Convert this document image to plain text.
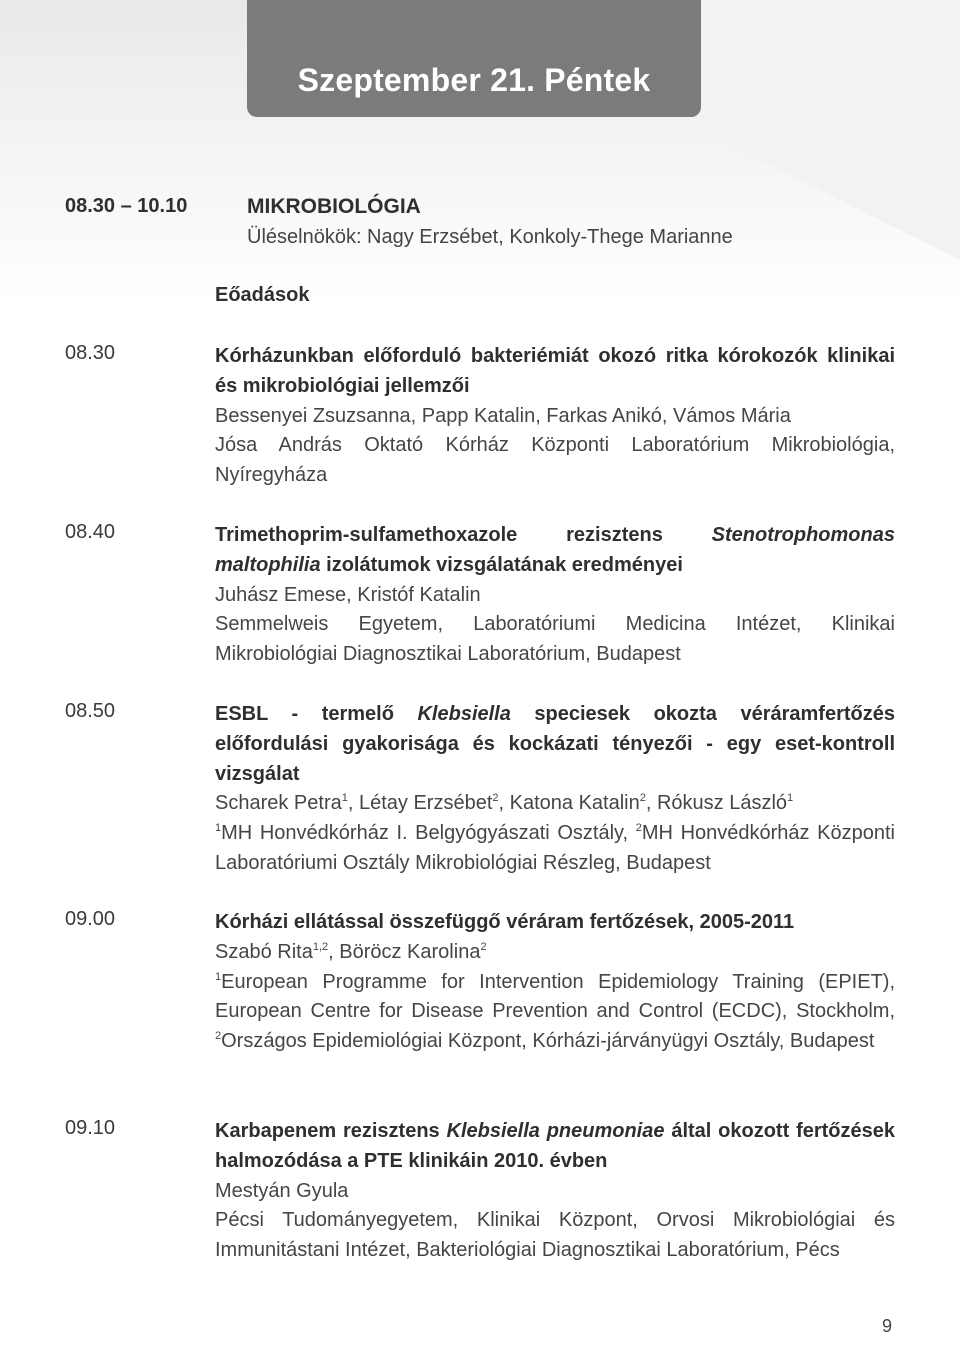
Szeptember 21. Péntek
08.30 – 10.10	MIKROBIOLÓGIA
Üléselnökök: Nagy Erzsébet, Konkoly-Thege Marianne
Eőadások
08.30	Kórházunkban előforduló bakteriémiát okozó ritka kórokozók klinikai és mikrobiológiai jellemzői
Bessenyei Zsuzsanna, Papp Katalin, Farkas Anikó, Vámos Mária
Jósa András Oktató Kórház Központi Laboratórium Mikrobiológia, Nyíregyháza
08.40	Trimethoprim-sulfamethoxazole rezisztens Stenotrophomonas maltophilia izolátumok vizsgálatának eredményei
Juhász Emese, Kristóf Katalin
Semmelweis Egyetem, Laboratóriumi Medicina Intézet, Klinikai Mikrobiológiai Diagnosztikai Laboratórium, Budapest
08.50	ESBL - termelő Klebsiella speciesek okozta véráramfertőzés előfordulási gyakorisága és kockázati tényezői - egy eset-kontroll vizsgálat
Scharek Petra$^1$, Létay Erzsébet$^2$, Katona Katalin$^2$, Rókusz László$^1$
$^1$MH Honvédkórház I. Belgyógyászati Osztály, $^2$MH Honvédkórház Központi Laboratóriumi Osztály Mikrobiológiai Részleg, Budapest
09.00	Kórházi ellátással összefüggő véráram fertőzések, 2005-2011
Szabó Rita$^{1,2}$, Böröcz Karolina$^2$
$^1$European Programme for Intervention Epidemiology Training (EPIET), European Centre for Disease Prevention and Control (ECDC), Stockholm, $^2$Országos Epidemiológiai Központ, Kórházi-járványügyi Osztály, Budapest
09.10	Karbapenem rezisztens Klebsiella pneumoniae által okozott fertőzések halmozódása a PTE klinikáin 2010. évben
Mestyán Gyula
Pécsi Tudományegyetem, Klinikai Központ, Orvosi Mikrobiológiai és Immunitástani Intézet, Bakteriológiai Diagnosztikai Laboratórium, Pécs
9
